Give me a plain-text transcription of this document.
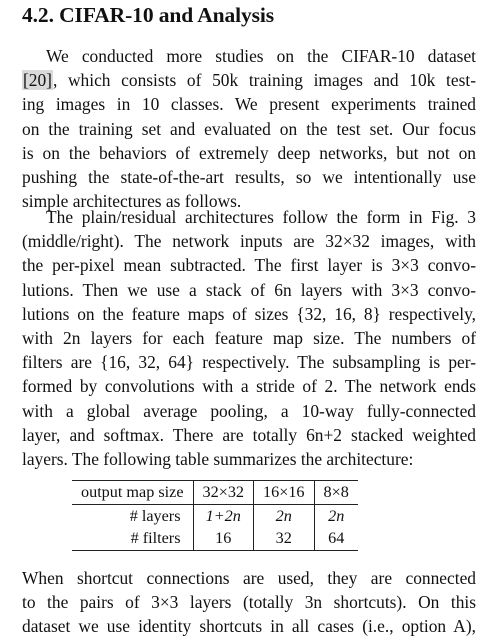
4.2. CIFAR-10 and Analysis
We conducted more studies on the CIFAR-10 dataset
[20], which consists of 50k training images and 10k test-
ing images in 10 classes. We present experiments trained
on the training set and evaluated on the test set. Our focus
is on the behaviors of extremely deep networks, but not on
pushing the state-of-the-art results, so we intentionally use
simple architectures as follows.
The plain/residual architectures follow the form in Fig. 3
(middle/right). The network inputs are 32×32 images, with
the per-pixel mean subtracted. The first layer is 3×3 convo-
lutions. Then we use a stack of 6n layers with 3×3 convo-
lutions on the feature maps of sizes {32, 16, 8} respectively,
with 2n layers for each feature map size. The numbers of
filters are {16, 32, 64} respectively. The subsampling is per-
formed by convolutions with a stride of 2. The network ends
with a global average pooling, a 10-way fully-connected
layer, and softmax. There are totally 6n+2 stacked weighted
layers. The following table summarizes the architecture:
output map size	32×32	16×16	8×8
# layers	1+2n	2n	2n
# filters	16	32	64
When shortcut connections are used, they are connected
to the pairs of 3×3 layers (totally 3n shortcuts). On this
dataset we use identity shortcuts in all cases (i.e., option A),
